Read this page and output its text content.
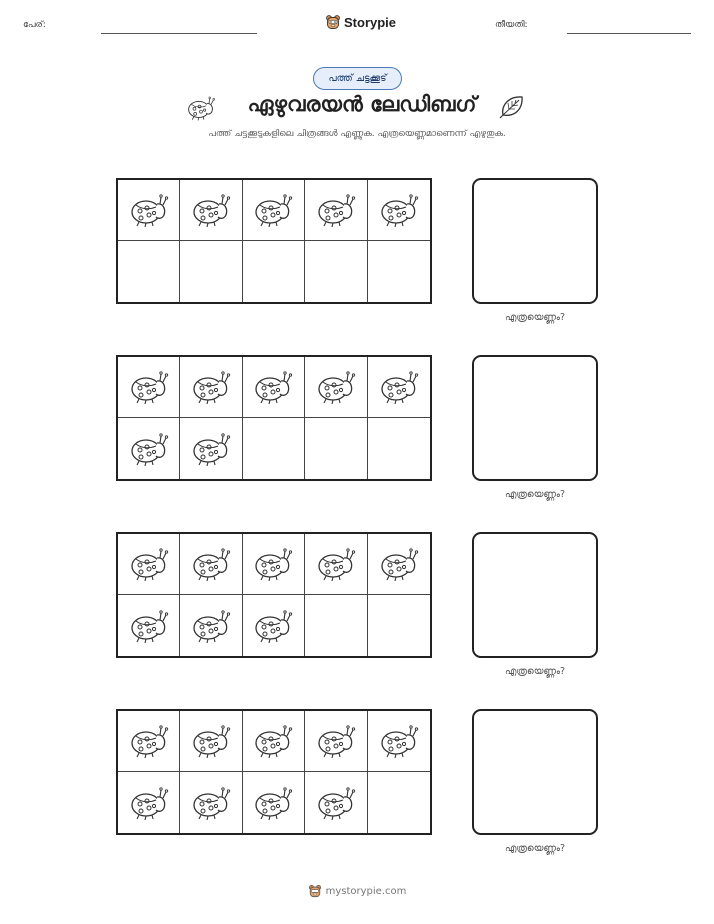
പേര്:	Storypie	തീയതി:
പത്ത് ചട്ടക്കൂട്
ഏഴുവരയൻ ലേഡിബഗ്
പത്ത് ചട്ടക്കൂടുകളിലെ ചിത്രങ്ങൾ എണ്ണുക. എത്രയെണ്ണമാണെന്ന് എഴുതുക.
എത്രയെണ്ണം?
എത്രയെണ്ണം?
എത്രയെണ്ണം?
എത്രയെണ്ണം?
mystorypie.com
